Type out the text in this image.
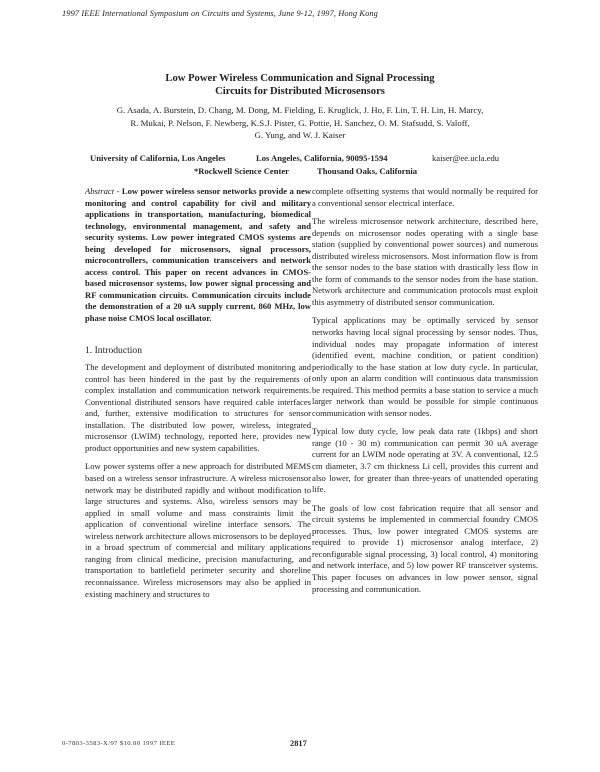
1997 IEEE International Symposium on Circuits and Systems, June 9-12, 1997, Hong Kong
Low Power Wireless Communication and Signal Processing
Circuits for Distributed Microsensors
G. Asada, A. Burstein, D. Chang, M. Dong, M. Fielding, E. Kruglick, J. Ho, F. Lin, T. H. Lin, H. Marcy,
R. Mukai, P. Nelson, F. Newberg, K.S.J. Pister, G. Pottie, H. Sanchez, O. M. Stafsudd, S. Valoff,
G. Yung, and W. J. Kaiser
University of California, Los Angeles	Los Angeles, California, 90095-1594	kaiser@ee.ucla.edu
*Rockwell Science Center	Thousand Oaks, California

Abstract - Low power wireless sensor networks provide a new monitoring and control capability for civil and military applications in transportation, manufacturing, biomedical technology, environmental management, and safety and security systems. Low power integrated CMOS systems are being developed for microsensors, signal processors, microcontrollers, communication transceivers and network access control. This paper on recent advances in CMOS-based microsensor systems, low power signal processing and RF communication circuits. Communication circuits include the demonstration of a 20 uA supply current, 860 MHz, low phase noise CMOS local oscillator.

1. Introduction

The development and deployment of distributed monitoring and control has been hindered in the past by the requirements of complex installation and communication network requirements. Conventional distributed sensors have required cable interfaces and, further, extensive modification to structures for sensor installation. The distributed low power, wireless, integrated microsensor (LWIM) technology, reported here, provides new product opportunities and new system capabilities.

Low power systems offer a new approach for distributed MEMS based on a wireless sensor infrastructure. A wireless microsensor network may be distributed rapidly and without modification to large structures and systems. Also, wireless sensors may be applied in small volume and mass constraints limit the application of conventional wireline interface sensors. The wireless network architecture allows microsensors to be deployed in a broad spectrum of commercial and military applications ranging from clinical medicine, precision manufacturing, and transportation to battlefield perimeter security and shoreline reconnaissance. Wireless microsensors may also be applied in existing machinery and structures to

complete offsetting systems that would normally be required for a conventional sensor electrical interface.

The wireless microsensor network architecture, described here, depends on microsensor nodes operating with a single base station (supplied by conventional power sources) and numerous distributed wireless microsensors. Most information flow is from the sensor nodes to the base station with drastically less flow in the form of commands to the sensor nodes from the base station. Network architecture and communication protocols must exploit this asymmetry of distributed sensor communication.

Typical applications may be optimally serviced by sensor networks having local signal processing by sensor nodes. Thus, individual nodes may propagate information of interest (identified event, machine condition, or patient condition) periodically to the base station at low duty cycle. In particular, only upon an alarm condition will continuous data transmission be required. This method permits a base station to service a much larger network than would be possible for simple continuous communication with sensor nodes.

Typical low duty cycle, low peak data rate (1kbps) and short range (10 - 30 m) communication can permit 30 uA average current for an LWIM node operating at 3V. A conventional, 12.5 cm diameter, 3.7 cm thickness Li cell, provides this current and also lower, for greater than three-years of unattended operating life.

The goals of low cost fabrication require that all sensor and circuit systems be implemented in commercial foundry CMOS processes. Thus, low power integrated CMOS systems are required to provide 1) microsensor analog interface, 2) reconfigurable signal processing, 3) local control, 4) monitoring and network interface, and 5) low power RF transceiver systems. This paper focuses on advances in low power sensor, signal processing and communication.

0-7803-3583-X/97 $10.00 1997 IEEE	2817
